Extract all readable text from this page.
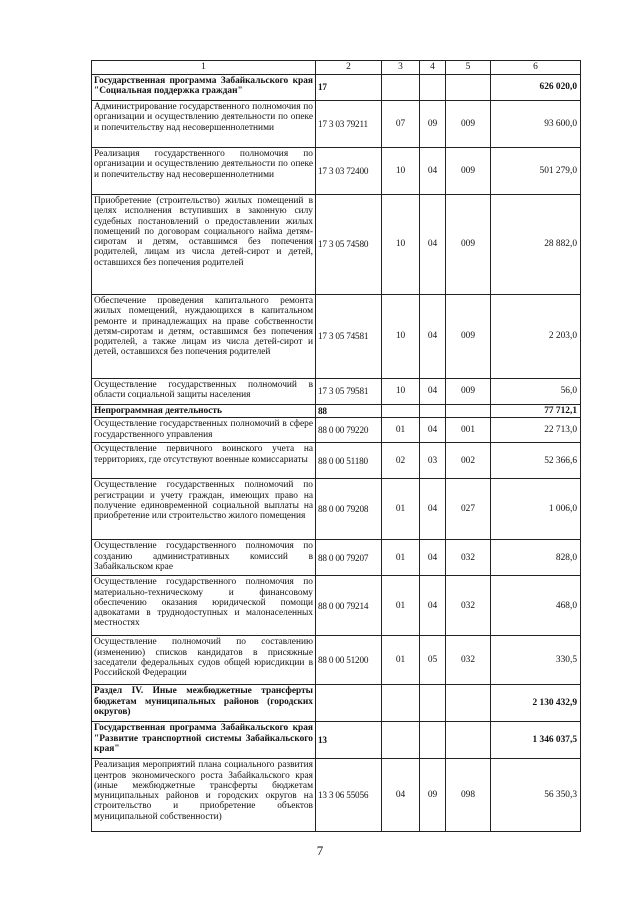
1	2	3	4	5	6
Государственная программа Забайкальского края "Социальная поддержка граждан"	17				626 020,0
Администрирование государственного полномочия по организации и осуществлению деятельности по опеке и попечительству над несовершеннолетними	17 3 03 79211	07	09	009	93 600,0
Реализация государственного полномочия по организации и осуществлению деятельности по опеке и попечительству над несовершеннолетними	17 3 03 72400	10	04	009	501 279,0
Приобретение (строительство) жилых помещений в целях исполнения вступивших в законную силу судебных постановлений о предоставлении жилых помещений по договорам социального найма детям-сиротам и детям, оставшимся без попечения родителей, лицам из числа детей-сирот и детей, оставшихся без попечения родителей	17 3 05 74580	10	04	009	28 882,0
Обеспечение проведения капитального ремонта жилых помещений, нуждающихся в капитальном ремонте и принадлежащих на праве собственности детям-сиротам и детям, оставшимся без попечения родителей, а также лицам из числа детей-сирот и детей, оставшихся без попечения родителей	17 3 05 74581	10	04	009	2 203,0
Осуществление государственных полномочий в области социальной защиты населения	17 3 05 79581	10	04	009	56,0
Непрограммная деятельность	88				77 712,1
Осуществление государственных полномочий в сфере государственного управления	88 0 00 79220	01	04	001	22 713,0
Осуществление первичного воинского учета на территориях, где отсутствуют военные комиссариаты	88 0 00 51180	02	03	002	52 366,6
Осуществление государственных полномочий по регистрации и учету граждан, имеющих право на получение единовременной социальной выплаты на приобретение или строительство жилого помещения	88 0 00 79208	01	04	027	1 006,0
Осуществление государственного полномочия по созданию административных комиссий в Забайкальском крае	88 0 00 79207	01	04	032	828,0
Осуществление государственного полномочия по материально-техническому и финансовому обеспечению оказания юридической помощи адвокатами в труднодоступных и малонаселенных местностях	88 0 00 79214	01	04	032	468,0
Осуществление полномочий по составлению (изменению) списков кандидатов в присяжные заседатели федеральных судов общей юрисдикции в Российской Федерации	88 0 00 51200	01	05	032	330,5
Раздел IV. Иные межбюджетные трансферты бюджетам муниципальных районов (городских округов)					2 130 432,9
Государственная программа Забайкальского края "Развитие транспортной системы Забайкальского края"	13				1 346 037,5
Реализация мероприятий плана социального развития центров экономического роста Забайкальского края (иные межбюджетные трансферты бюджетам муниципальных районов и городских округов на строительство и приобретение объектов муниципальной собственности)	13 3 06 55056	04	09	098	56 350,3
7
